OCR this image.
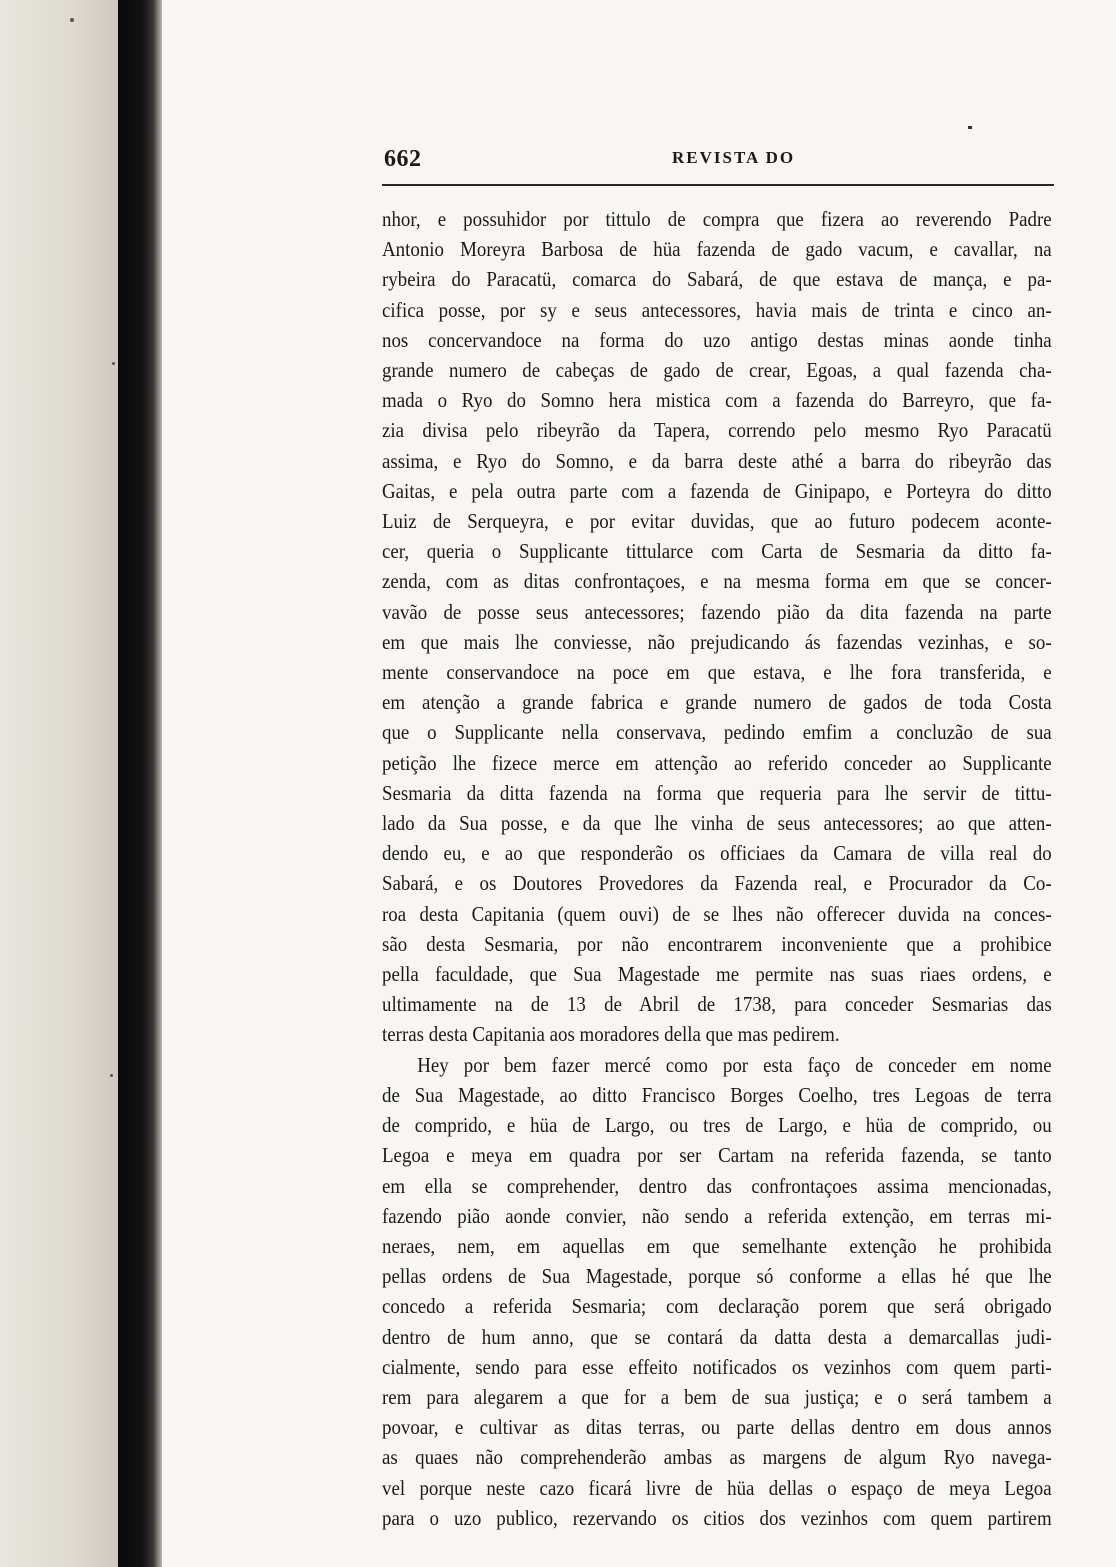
662	REVISTA DO
nhor, e possuhidor por tittulo de compra que fizera ao reverendo Padre
Antonio Moreyra Barbosa de hüa fazenda de gado vacum, e cavallar, na
rybeira do Paracatü, comarca do Sabará, de que estava de mança, e pa-
cifica posse, por sy e seus antecessores, havia mais de trinta e cinco an-
nos concervandoce na forma do uzo antigo destas minas aonde tinha
grande numero de cabeças de gado de crear, Egoas, a qual fazenda cha-
mada o Ryo do Somno hera mistica com a fazenda do Barreyro, que fa-
zia divisa pelo ribeyrão da Tapera, correndo pelo mesmo Ryo Paracatü
assima, e Ryo do Somno, e da barra deste athé a barra do ribeyrão das
Gaitas, e pela outra parte com a fazenda de Ginipapo, e Porteyra do ditto
Luiz de Serqueyra, e por evitar duvidas, que ao futuro podecem aconte-
cer, queria o Supplicante tittularce com Carta de Sesmaria da ditto fa-
zenda, com as ditas confrontaçoes, e na mesma forma em que se concer-
vavão de posse seus antecessores; fazendo pião da dita fazenda na parte
em que mais lhe conviesse, não prejudicando ás fazendas vezinhas, e so-
mente conservandoce na poce em que estava, e lhe fora transferida, e
em atenção a grande fabrica e grande numero de gados de toda Costa
que o Supplicante nella conservava, pedindo emfim a concluzão de sua
petição lhe fizece merce em attenção ao referido conceder ao Supplicante
Sesmaria da ditta fazenda na forma que requeria para lhe servir de tittu-
lado da Sua posse, e da que lhe vinha de seus antecessores; ao que atten-
dendo eu, e ao que responderão os officiaes da Camara de villa real do
Sabará, e os Doutores Provedores da Fazenda real, e Procurador da Co-
roa desta Capitania (quem ouvi) de se lhes não offerecer duvida na conces-
são desta Sesmaria, por não encontrarem inconveniente que a prohibice
pella faculdade, que Sua Magestade me permite nas suas riaes ordens, e
ultimamente na de 13 de Abril de 1738, para conceder Sesmarias das
terras desta Capitania aos moradores della que mas pedirem.
Hey por bem fazer mercé como por esta faço de conceder em nome
de Sua Magestade, ao ditto Francisco Borges Coelho, tres Legoas de terra
de comprido, e hüa de Largo, ou tres de Largo, e hüa de comprido, ou
Legoa e meya em quadra por ser Cartam na referida fazenda, se tanto
em ella se comprehender, dentro das confrontaçoes assima mencionadas,
fazendo pião aonde convier, não sendo a referida extenção, em terras mi-
neraes, nem, em aquellas em que semelhante extenção he prohibida
pellas ordens de Sua Magestade, porque só conforme a ellas hé que lhe
concedo a referida Sesmaria; com declaração porem que será obrigado
dentro de hum anno, que se contará da datta desta a demarcallas judi-
cialmente, sendo para esse effeito notificados os vezinhos com quem parti-
rem para alegarem a que for a bem de sua justiça; e o será tambem a
povoar, e cultivar as ditas terras, ou parte dellas dentro em dous annos
as quaes não comprehenderão ambas as margens de algum Ryo navega-
vel porque neste cazo ficará livre de hüa dellas o espaço de meya Legoa
para o uzo publico, rezervando os citios dos vezinhos com quem partirem
